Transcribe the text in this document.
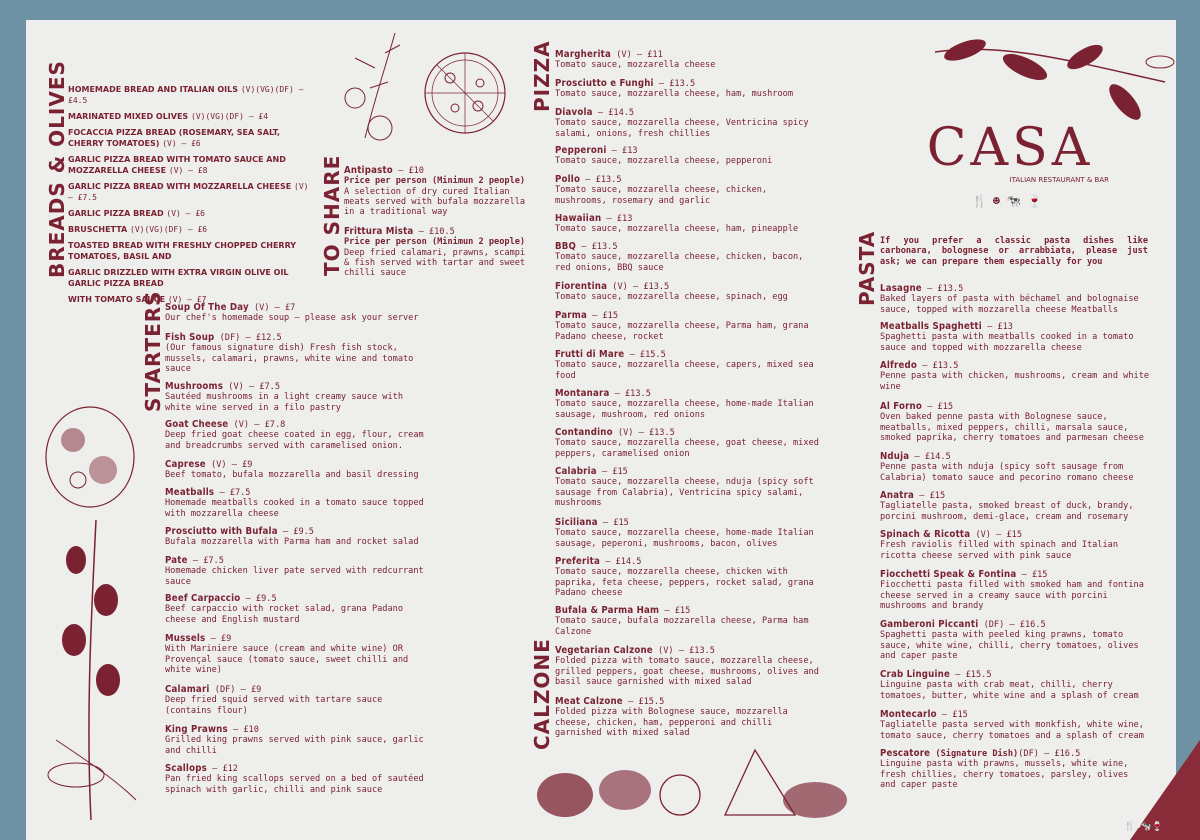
BREADS & OLIVES	TO SHARE
STARTERS
PIZZA
CALZONE
PASTA
HOMEMADE BREAD AND ITALIAN OILS (V)(VG)(DF) – £4.5
MARINATED MIXED OLIVES (V)(VG)(DF) – £4
FOCACCIA PIZZA BREAD (ROSEMARY, SEA SALT, CHERRY TOMATOES) (V) – £6
GARLIC PIZZA BREAD WITH TOMATO SAUCE AND MOZZARELLA CHEESE (V) – £8
GARLIC PIZZA BREAD WITH MOZZARELLA CHEESE (V) – £7.5
GARLIC PIZZA BREAD (V) – £6
BRUSCHETTA (V)(VG)(DF) – £6
TOASTED BREAD WITH FRESHLY CHOPPED CHERRY TOMATOES, BASIL AND
GARLIC DRIZZLED WITH EXTRA VIRGIN OLIVE OIL GARLIC PIZZA BREAD
WITH TOMATO SAUCE (V) – £7
Antipasto – £10
Price per person (Minimun 2 people)
A selection of dry cured Italian meats served with bufala mozzarella in a traditional way
Frittura Mista – £10.5
Price per person (Minimun 2 people)
Deep fried calamari, prawns, scampi & fish served with tartar and sweet chilli sauce
Soup Of The Day (V) – £7
Our chef's homemade soup – please ask your server
Fish Soup (DF) – £12.5
(Our famous signature dish) Fresh fish stock, mussels, calamari, prawns, white wine and tomato sauce
Mushrooms (V) – £7.5
Sautéed mushrooms in a light creamy sauce with white wine served in a filo pastry
Goat Cheese (V) – £7.8
Deep fried goat cheese coated in egg, flour, cream and breadcrumbs served with caramelised onion.
Caprese (V) – £9
Beef tomato, bufala mozzarella and basil dressing
Meatballs – £7.5
Homemade meatballs cooked in a tomato sauce topped with mozzarella cheese
Prosciutto with Bufala – £9.5
Bufala mozzarella with Parma ham and rocket salad
Pate – £7.5
Homemade chicken liver pate served with redcurrant sauce
Beef Carpaccio – £9.5
Beef carpaccio with rocket salad, grana Padano cheese and English mustard
Mussels – £9
With Mariniere sauce (cream and white wine) OR Provençal sauce (tomato sauce, sweet chilli and white wine)
Calamari (DF) – £9
Deep fried squid served with tartare sauce (contains flour)
King Prawns – £10
Grilled king prawns served with pink sauce, garlic and chilli
Scallops – £12
Pan fried king scallops served on a bed of sautéed spinach with garlic, chilli and pink sauce
Margherita (V) – £11
Tomato sauce, mozzarella cheese
Prosciutto e Funghi – £13.5
Tomato sauce, mozzarella cheese, ham, mushroom
Diavola – £14.5
Tomato sauce, mozzarella cheese, Ventricina spicy salami, onions, fresh chillies
Pepperoni – £13
Tomato sauce, mozzarella cheese, pepperoni
Pollo – £13.5
Tomato sauce, mozzarella cheese, chicken, mushrooms, rosemary and garlic
Hawaiian – £13
Tomato sauce, mozzarella cheese, ham, pineapple
BBQ – £13.5
Tomato sauce, mozzarella cheese, chicken, bacon, red onions, BBQ sauce
Fiorentina (V) – £13.5
Tomato sauce, mozzarella cheese, spinach, egg
Parma – £15
Tomato sauce, mozzarella cheese, Parma ham, grana Padano cheese, rocket
Frutti di Mare – £15.5
Tomato sauce, mozzarella cheese, capers, mixed sea food
Montanara – £13.5
Tomato sauce, mozzarella cheese, home-made Italian sausage, mushroom, red onions
Contandino (V) – £13.5
Tomato sauce, mozzarella cheese, goat cheese, mixed peppers, caramelised onion
Calabria – £15
Tomato sauce, mozzarella cheese, nduja (spicy soft sausage from Calabria), Ventricina spicy salami, mushrooms
Siciliana – £15
Tomato sauce, mozzarella cheese, home-made Italian sausage, peperoni, mushrooms, bacon, olives
Preferita – £14.5
Tomato sauce, mozzarella cheese, chicken with paprika, feta cheese, peppers, rocket salad, grana Padano cheese
Bufala & Parma Ham – £15
Tomato sauce, bufala mozzarella cheese, Parma ham Calzone
Vegetarian Calzone (V) – £13.5
Folded pizza with tomato sauce, mozzarella cheese, grilled peppers, goat cheese, mushrooms, olives and basil sauce garnished with mixed salad
Meat Calzone – £15.5
Folded pizza with Bolognese sauce, mozzarella cheese, chicken, ham, pepperoni and chilli garnished with mixed salad
CASA
ITALIAN RESTAURANT & BAR
🍴☻🐄🍷
If you prefer a classic pasta dishes like carbonara, bolognese or arrabbiata, please just ask; we can prepare them especially for you
Lasagne – £13.5
Baked layers of pasta with béchamel and bolognaise sauce, topped with mozzarella cheese Meatballs
Meatballs Spaghetti – £13
Spaghetti pasta with meatballs cooked in a tomato sauce and topped with mozzarella cheese
Alfredo – £13.5
Penne pasta with chicken, mushrooms, cream and white wine
Al Forno – £15
Oven baked penne pasta with Bolognese sauce, meatballs, mixed peppers, chilli, marsala sauce, smoked paprika, cherry tomatoes and parmesan cheese
Nduja – £14.5
Penne pasta with nduja (spicy soft sausage from Calabria) tomato sauce and pecorino romano cheese
Anatra – £15
Tagliatelle pasta, smoked breast of duck, brandy, porcini mushroom, demi-glace, cream and rosemary
Spinach & Ricotta (V) – £15
Fresh raviolis filled with spinach and Italian ricotta cheese served with pink sauce
Fiocchetti Speak & Fontina – £15
Fiocchetti pasta filled with smoked ham and fontina cheese served in a creamy sauce with porcini mushrooms and brandy
Gamberoni Piccanti (DF) – £16.5
Spaghetti pasta with peeled king prawns, tomato sauce, white wine, chilli, cherry tomatoes, olives and caper paste
Crab Linguine – £15.5
Linguine pasta with crab meat, chilli, cherry tomatoes, butter, white wine and a splash of cream
Montecarlo – £15
Tagliatelle pasta served with monkfish, white wine, tomato sauce, cherry tomatoes and a splash of cream
Pescatore (Signature Dish)(DF) – £16.5
Linguine pasta with prawns, mussels, white wine, fresh chillies, cherry tomatoes, parsley, olives and caper paste
🍴☻🐄🍷
